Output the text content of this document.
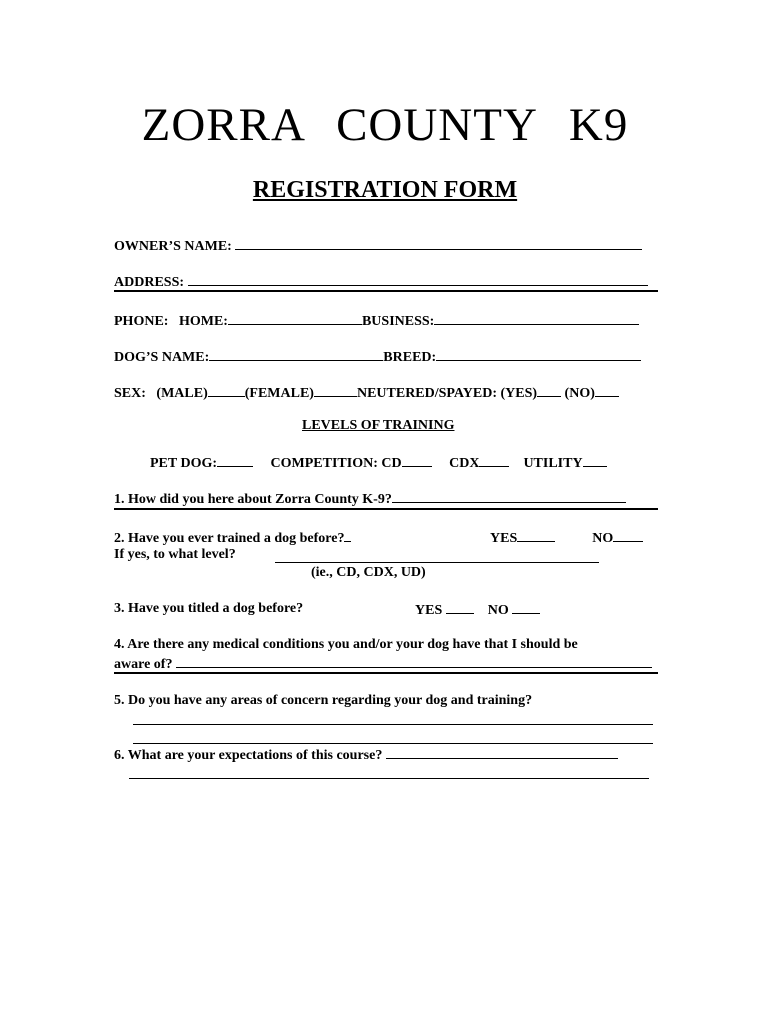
ZORRA COUNTY K9
REGISTRATION FORM
OWNER’S NAME:
ADDRESS:
PHONE: HOME:	BUSINESS:
DOG’S NAME:	BREED:
SEX: (MALE)	(FEMALE)	NEUTERED/SPAYED: (YES) (NO)
LEVELS OF TRAINING
PET DOG:	COMPETITION: CD	CDX	UTILITY
1. How did you here about Zorra County K-9?
2. Have you ever trained a dog before?	YES	NO
If yes, to what level?
(ie., CD, CDX, UD)
3. Have you titled a dog before?	YES	NO
4. Are there any medical conditions you and/or your dog have that I should be
aware of?
5. Do you have any areas of concern regarding your dog and training?
6. What are your expectations of this course?
